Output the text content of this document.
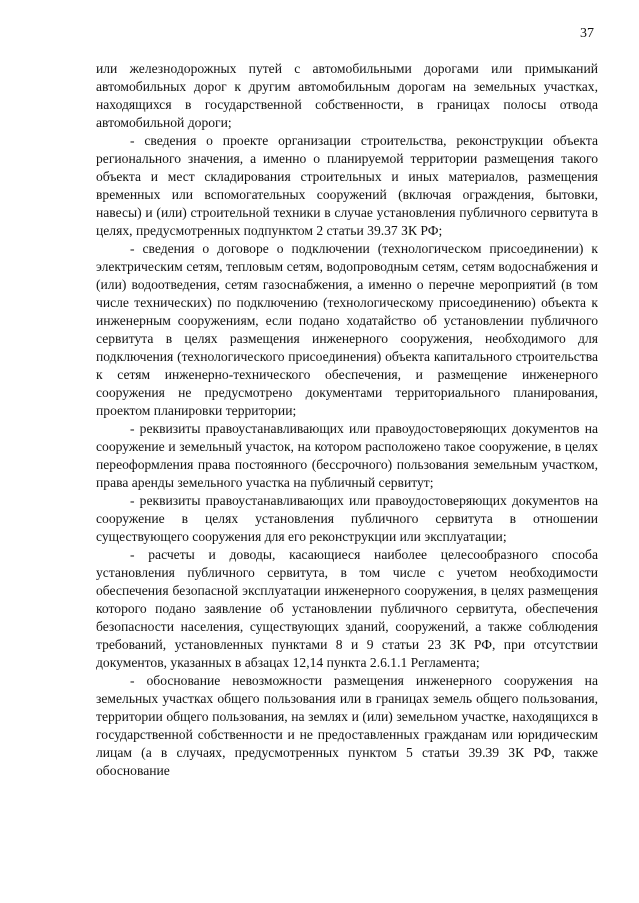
37

или железнодорожных путей с автомобильными дорогами или примыканий автомобильных дорог к другим автомобильным дорогам на земельных участках, находящихся в государственной собственности, в границах полосы отвода автомобильной дороги;

- сведения о проекте организации строительства, реконструкции объекта регионального значения, а именно о планируемой территории размещения такого объекта и мест складирования строительных и иных материалов, размещения временных или вспомогательных сооружений (включая ограждения, бытовки, навесы) и (или) строительной техники в случае установления публичного сервитута в целях, предусмотренных подпунктом 2 статьи 39.37 ЗК РФ;

- сведения о договоре о подключении (технологическом присоединении) к электрическим сетям, тепловым сетям, водопроводным сетям, сетям водоснабжения и (или) водоотведения, сетям газоснабжения, а именно о перечне мероприятий (в том числе технических) по подключению (технологическому присоединению) объекта к инженерным сооружениям, если подано ходатайство об установлении публичного сервитута в целях размещения инженерного сооружения, необходимого для подключения (технологического присоединения) объекта капитального строительства к сетям инженерно-технического обеспечения, и размещение инженерного сооружения не предусмотрено документами территориального планирования, проектом планировки территории;

- реквизиты правоустанавливающих или правоудостоверяющих документов на сооружение и земельный участок, на котором расположено такое сооружение, в целях переоформления права постоянного (бессрочного) пользования земельным участком, права аренды земельного участка на публичный сервитут;

- реквизиты правоустанавливающих или правоудостоверяющих документов на сооружение в целях установления публичного сервитута в отношении существующего сооружения для его реконструкции или эксплуатации;

- расчеты и доводы, касающиеся наиболее целесообразного способа установления публичного сервитута, в том числе с учетом необходимости обеспечения безопасной эксплуатации инженерного сооружения, в целях размещения которого подано заявление об установлении публичного сервитута, обеспечения безопасности населения, существующих зданий, сооружений, а также соблюдения требований, установленных пунктами 8 и 9 статьи 23 ЗК РФ, при отсутствии документов, указанных в абзацах 12,14 пункта 2.6.1.1 Регламента;

- обоснование невозможности размещения инженерного сооружения на земельных участках общего пользования или в границах земель общего пользования, территории общего пользования, на землях и (или) земельном участке, находящихся в государственной собственности и не предоставленных гражданам или юридическим лицам (а в случаях, предусмотренных пунктом 5 статьи 39.39 ЗК РФ, также обоснование
